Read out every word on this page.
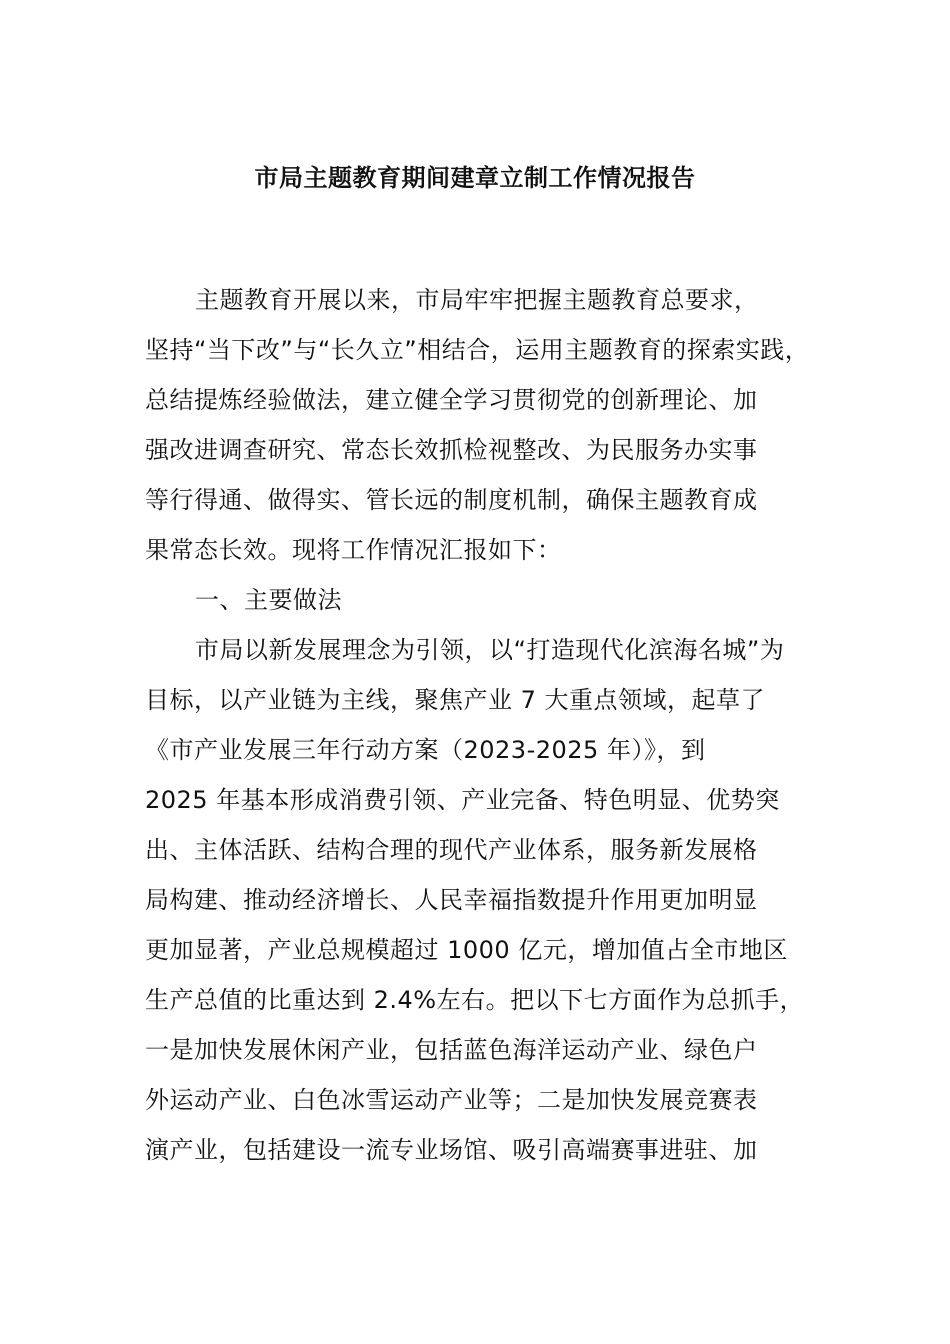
市局主题教育期间建章立制工作情况报告
主题教育开展以来，市局牢牢把握主题教育总要求，
坚持“当下改”与“长久立”相结合，运用主题教育的探索实践，
总结提炼经验做法，建立健全学习贯彻党的创新理论、加
强改进调查研究、常态长效抓检视整改、为民服务办实事
等行得通、做得实、管长远的制度机制，确保主题教育成
果常态长效。现将工作情况汇报如下：
一、主要做法
市局以新发展理念为引领，以“打造现代化滨海名城”为
目标，以产业链为主线，聚焦产业 7 大重点领域，起草了
《市产业发展三年行动方案（2023-2025 年）》，到
2025 年基本形成消费引领、产业完备、特色明显、优势突
出、主体活跃、结构合理的现代产业体系，服务新发展格
局构建、推动经济增长、人民幸福指数提升作用更加明显
更加显著，产业总规模超过 1000 亿元，增加值占全市地区
生产总值的比重达到 2.4%左右。把以下七方面作为总抓手，
一是加快发展休闲产业，包括蓝色海洋运动产业、绿色户
外运动产业、白色冰雪运动产业等；二是加快发展竞赛表
演产业，包括建设一流专业场馆、吸引高端赛事进驻、加
